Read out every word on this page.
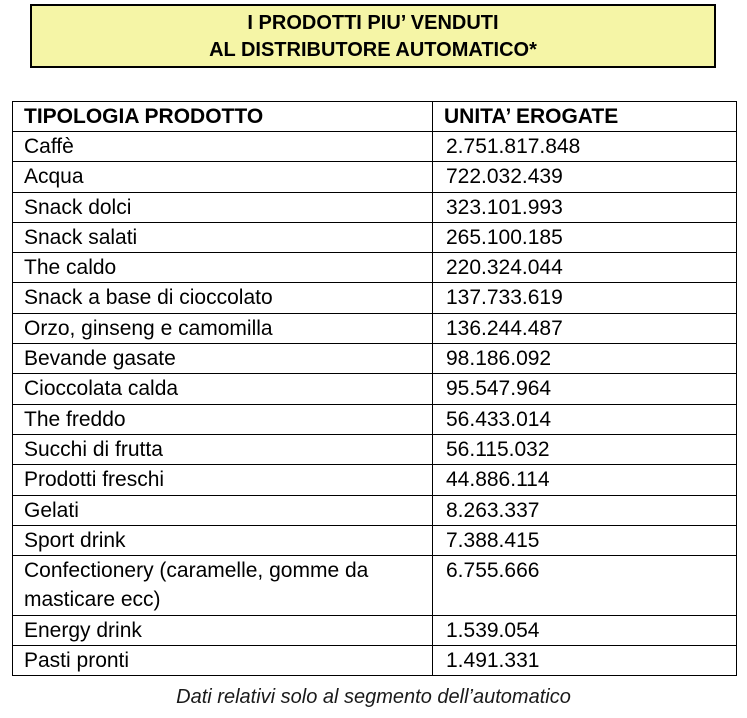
I PRODOTTI PIU’ VENDUTI
AL DISTRIBUTORE AUTOMATICO*
TIPOLOGIA PRODOTTO	UNITA’ EROGATE
Caffè	2.751.817.848
Acqua	722.032.439
Snack dolci	323.101.993
Snack salati	265.100.185
The caldo	220.324.044
Snack a base di cioccolato	137.733.619
Orzo, ginseng e camomilla	136.244.487
Bevande gasate	98.186.092
Cioccolata calda	95.547.964
The freddo	56.433.014
Succhi di frutta	56.115.032
Prodotti freschi	44.886.114
Gelati	8.263.337
Sport drink	7.388.415
Confectionery (caramelle, gomme da masticare ecc)	6.755.666
Energy drink	1.539.054
Pasti pronti	1.491.331
Dati relativi solo al segmento dell’automatico
